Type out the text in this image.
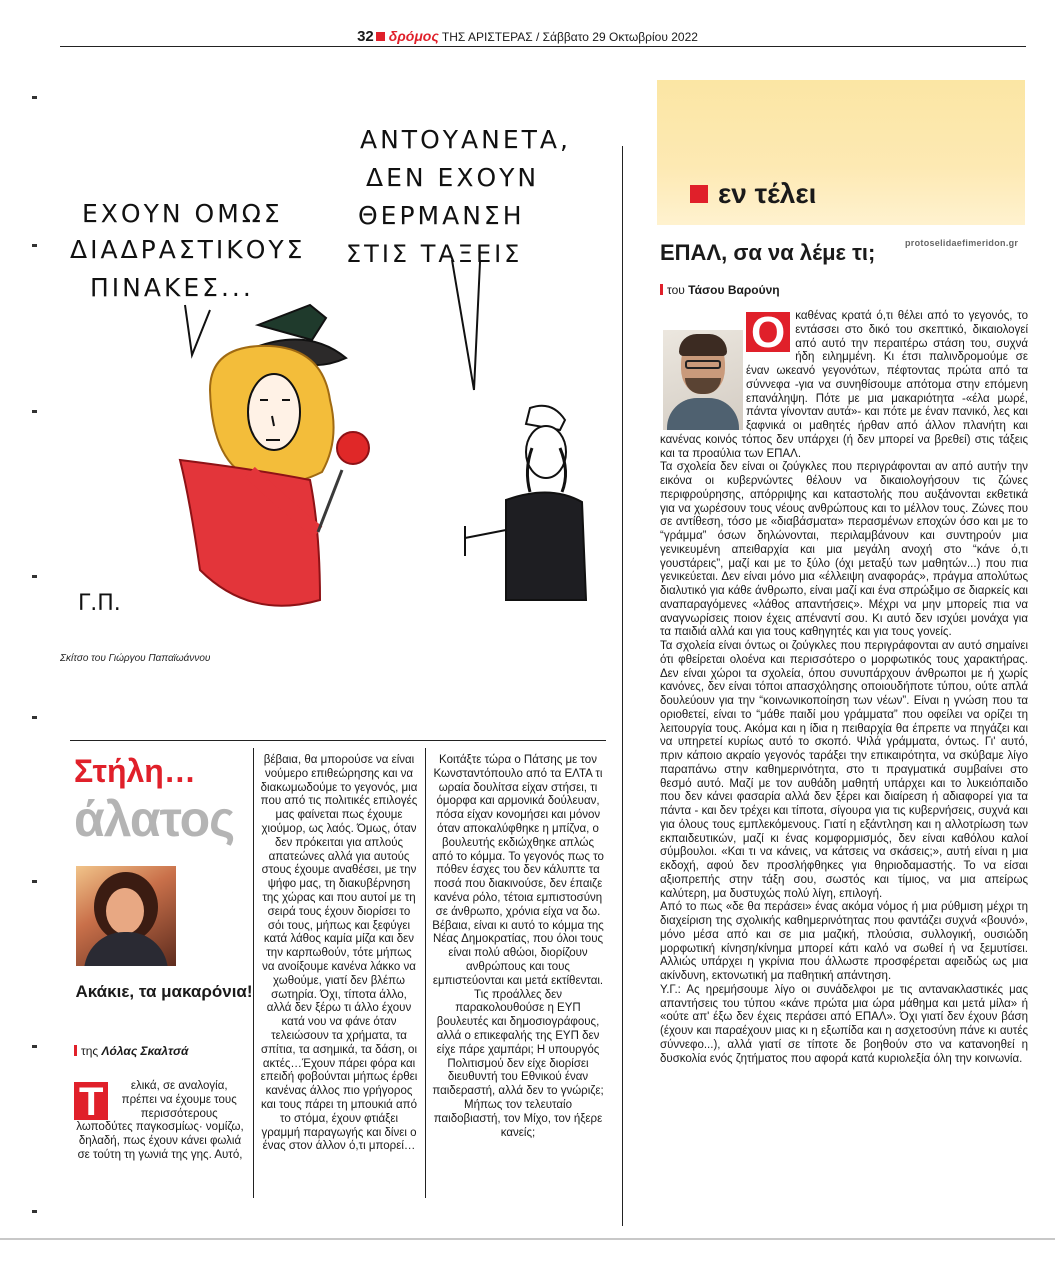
32 δρόμος ΤΗΣ ΑΡΙΣΤΕΡΑΣ / Σάββατο 29 Οκτωβρίου 2022
ΕΧΟΥΝ ΟΜΩΣ
ΔΙΑΔΡΑΣΤΙΚΟΥΣ
ΠΙΝΑΚΕΣ...
ΑΝΤΟΥΑΝΕΤΑ,
ΔΕΝ ΕΧΟΥΝ
ΘΕΡΜΑΝΣΗ
ΣΤΙΣ ΤΑΞΕΙΣ
Γ.Π.
Σκίτσο του Γιώργου Παπαϊωάννου
Στήλη…
άλατος
Ακάκιε, τα μακαρόνια!
της Λόλας Σκαλτσά
Τ	ελικά, σε αναλογία, πρέπει να έχουμε τους περισσότερους λωποδύτες παγκοσμίως· νομίζω, δηλαδή, πως έχουν κάνει φωλιά σε τούτη τη γωνιά της γης. Αυτό,
βέβαια, θα μπορούσε να είναι νούμερο επιθεώρησης και να διακωμωδούμε το γεγονός, μια που από τις πολιτικές επιλογές μας φαίνεται πως έχουμε χιούμορ, ως λαός. Όμως, όταν δεν πρόκειται για απλούς απατεώνες αλλά για αυτούς στους έχουμε αναθέσει, με την ψήφο μας, τη διακυβέρνηση της χώρας και που αυτοί με τη σειρά τους έχουν διορίσει το σόι τους, μήπως και ξεφύγει κατά λάθος καμία μίζα και δεν την καρπωθούν, τότε μήπως να ανοίξουμε κανένα λάκκο να χωθούμε, γιατί δεν βλέπω σωτηρία. Όχι, τίποτα άλλο, αλλά δεν ξέρω τι άλλο έχουν κατά νου να φάνε όταν τελειώσουν τα χρήματα, τα σπίτια, τα ασημικά, τα δάση, οι ακτές…Έχουν πάρει φόρα και επειδή φοβούνται μήπως έρθει κανένας άλλος πιο γρήγορος και τους πάρει τη μπουκιά από το στόμα, έχουν φτιάξει γραμμή παραγωγής και δίνει ο ένας στον άλλον ό,τι μπορεί…
Κοιτάξτε τώρα ο Πάτσης με τον Κωνσταντόπουλο από τα ΕΛΤΑ τι ωραία δουλίτσα είχαν στήσει, τι όμορφα και αρμονικά δούλευαν, πόσα είχαν κονομήσει και μόνον όταν αποκαλύφθηκε η μπίζνα, ο βουλευτής εκδιώχθηκε απλώς από το κόμμα. Το γεγονός πως το πόθεν έσχες του δεν κάλυπτε τα ποσά που διακινούσε, δεν έπαιζε κανένα ρόλο, τέτοια εμπιστοσύνη σε άνθρωπο, χρόνια είχα να δω. Βέβαια, είναι κι αυτό το κόμμα της Νέας Δημοκρατίας, που όλοι τους είναι πολύ αθώοι, διορίζουν ανθρώπους και τους εμπιστεύονται και μετά εκτίθενται. Τις προάλλες δεν παρακολουθούσε η ΕΥΠ βουλευτές και δημοσιογράφους, αλλά ο επικεφαλής της ΕΥΠ δεν είχε πάρε χαμπάρι; Η υπουργός Πολιτισμού δεν είχε διορίσει διευθυντή του Εθνικού έναν παιδεραστή, αλλά δεν το γνώριζε; Μήπως τον τελευταίο παιδοβιαστή, τον Μίχο, τον ήξερε κανείς;
εν τέλει
protoselidaefimeridon.gr
ΕΠΑΛ, σα να λέμε τι;
του Τάσου Βαρούνη

Ο καθένας κρατά ό,τι θέλει από το γεγονός, το εντάσσει στο δικό του σκεπτικό, δικαιολογεί από αυτό την περαιτέρω στάση του, συχνά ήδη ειλημμένη. Κι έτσι παλινδρομούμε σε έναν ωκεανό γεγονότων, πέφτοντας πρώτα από τα σύννεφα -για να συνηθίσουμε απότομα στην επόμενη επανάληψη. Πότε με μια μακαριότητα -«έλα μωρέ, πάντα γίνονταν αυτά»- και πότε με έναν πανικό, λες και ξαφνικά οι μαθητές ήρθαν από άλλον πλανήτη και κανένας κοινός τόπος δεν υπάρχει (ή δεν μπορεί να βρεθεί) στις τάξεις και τα προαύλια των ΕΠΑΛ.

Τα σχολεία δεν είναι οι ζούγκλες που περιγράφονται αν από αυτήν την εικόνα οι κυβερνώντες θέλουν να δικαιολογήσουν τις ζώνες περιφρούρησης, απόρριψης και καταστολής που αυξάνονται εκθετικά για να χωρέσουν τους νέους ανθρώπους και το μέλλον τους. Ζώνες που σε αντίθεση, τόσο με «διαβάσματα» περασμένων εποχών όσο και με το “γράμμα” όσων δηλώνονται, περιλαμβάνουν και συντηρούν μια γενικευμένη απειθαρχία και μια μεγάλη ανοχή στο “κάνε ό,τι γουστάρεις”, μαζί και με το ξύλο (όχι μεταξύ των μαθητών...) που πια γενικεύεται. Δεν είναι μόνο μια «έλλειψη αναφοράς», πράγμα απολύτως διαλυτικό για κάθε άνθρωπο, είναι μαζί και ένα σπρώξιμο σε διαρκείς και αναπαραγόμενες «λάθος απαντήσεις». Μέχρι να μην μπορείς πια να αναγνωρίσεις ποιον έχεις απέναντί σου. Κι αυτό δεν ισχύει μονάχα για τα παιδιά αλλά και για τους καθηγητές και για τους γονείς.

Τα σχολεία είναι όντως οι ζούγκλες που περιγράφονται αν αυτό σημαίνει ότι φθείρεται ολοένα και περισσότερο ο μορφωτικός τους χαρακτήρας. Δεν είναι χώροι τα σχολεία, όπου συνυπάρχουν άνθρωποι με ή χωρίς κανόνες, δεν είναι τόποι απασχόλησης οποιουδήποτε τύπου, ούτε απλά δουλεύουν για την “κοινωνικοποίηση των νέων”. Είναι η γνώση που τα οριοθετεί, είναι το “μάθε παιδί μου γράμματα” που οφείλει να ορίζει τη λειτουργία τους. Ακόμα και η ίδια η πειθαρχία θα έπρεπε να πηγάζει και να υπηρετεί κυρίως αυτό το σκοπό. Ψιλά γράμματα, όντως. Γι' αυτό, πριν κάποιο ακραίο γεγονός ταράξει την επικαιρότητα, να σκύβαμε λίγο παραπάνω στην καθημερινότητα, στο τι πραγματικά συμβαίνει στο θεσμό αυτό. Μαζί με τον αυθάδη μαθητή υπάρχει και το λυκειόπαιδο που δεν κάνει φασαρία αλλά δεν ξέρει και διαίρεση ή αδιαφορεί για τα πάντα - και δεν τρέχει και τίποτα, σίγουρα για τις κυβερνήσεις, συχνά και για όλους τους εμπλεκόμενους. Γιατί η εξάντληση και η αλλοτρίωση των εκπαιδευτικών, μαζί κι ένας κομφορμισμός, δεν είναι καθόλου καλοί σύμβουλοι. «Και τι να κάνεις, να κάτσεις να σκάσεις;», αυτή είναι η μια εκδοχή, αφού δεν προσλήφθηκες για θηριοδαμαστής. Το να είσαι αξιοπρεπής στην τάξη σου, σωστός και τίμιος, να μια απείρως καλύτερη, μα δυστυχώς πολύ λίγη, επιλογή.

Από το πως «δε θα περάσει» ένας ακόμα νόμος ή μια ρύθμιση μέχρι τη διαχείριση της σχολικής καθημερινότητας που φαντάζει συχνά «βουνό», μόνο μέσα από και σε μια μαζική, πλούσια, συλλογική, ουσιώδη μορφωτική κίνηση/κίνημα μπορεί κάτι καλό να σωθεί ή να ξεμυτίσει. Αλλιώς υπάρχει η γκρίνια που άλλωστε προσφέρεται αφειδώς ως μια ακίνδυνη, εκτονωτική μα παθητική απάντηση.

Υ.Γ.: Ας ηρεμήσουμε λίγο οι συνάδελφοι με τις αντανακλαστικές μας απαντήσεις του τύπου «κάνε πρώτα μια ώρα μάθημα και μετά μίλα» ή «ούτε απ' έξω δεν έχεις περάσει από ΕΠΑΛ». Όχι γιατί δεν έχουν βάση (έχουν και παραέχουν μιας κι η εξωπίδα και η ασχετοσύνη πάνε κι αυτές σύννεφο...), αλλά γιατί σε τίποτε δε βοηθούν στο να κατανοηθεί η δυσκολία ενός ζητήματος που αφορά κατά κυριολεξία όλη την κοινωνία.
